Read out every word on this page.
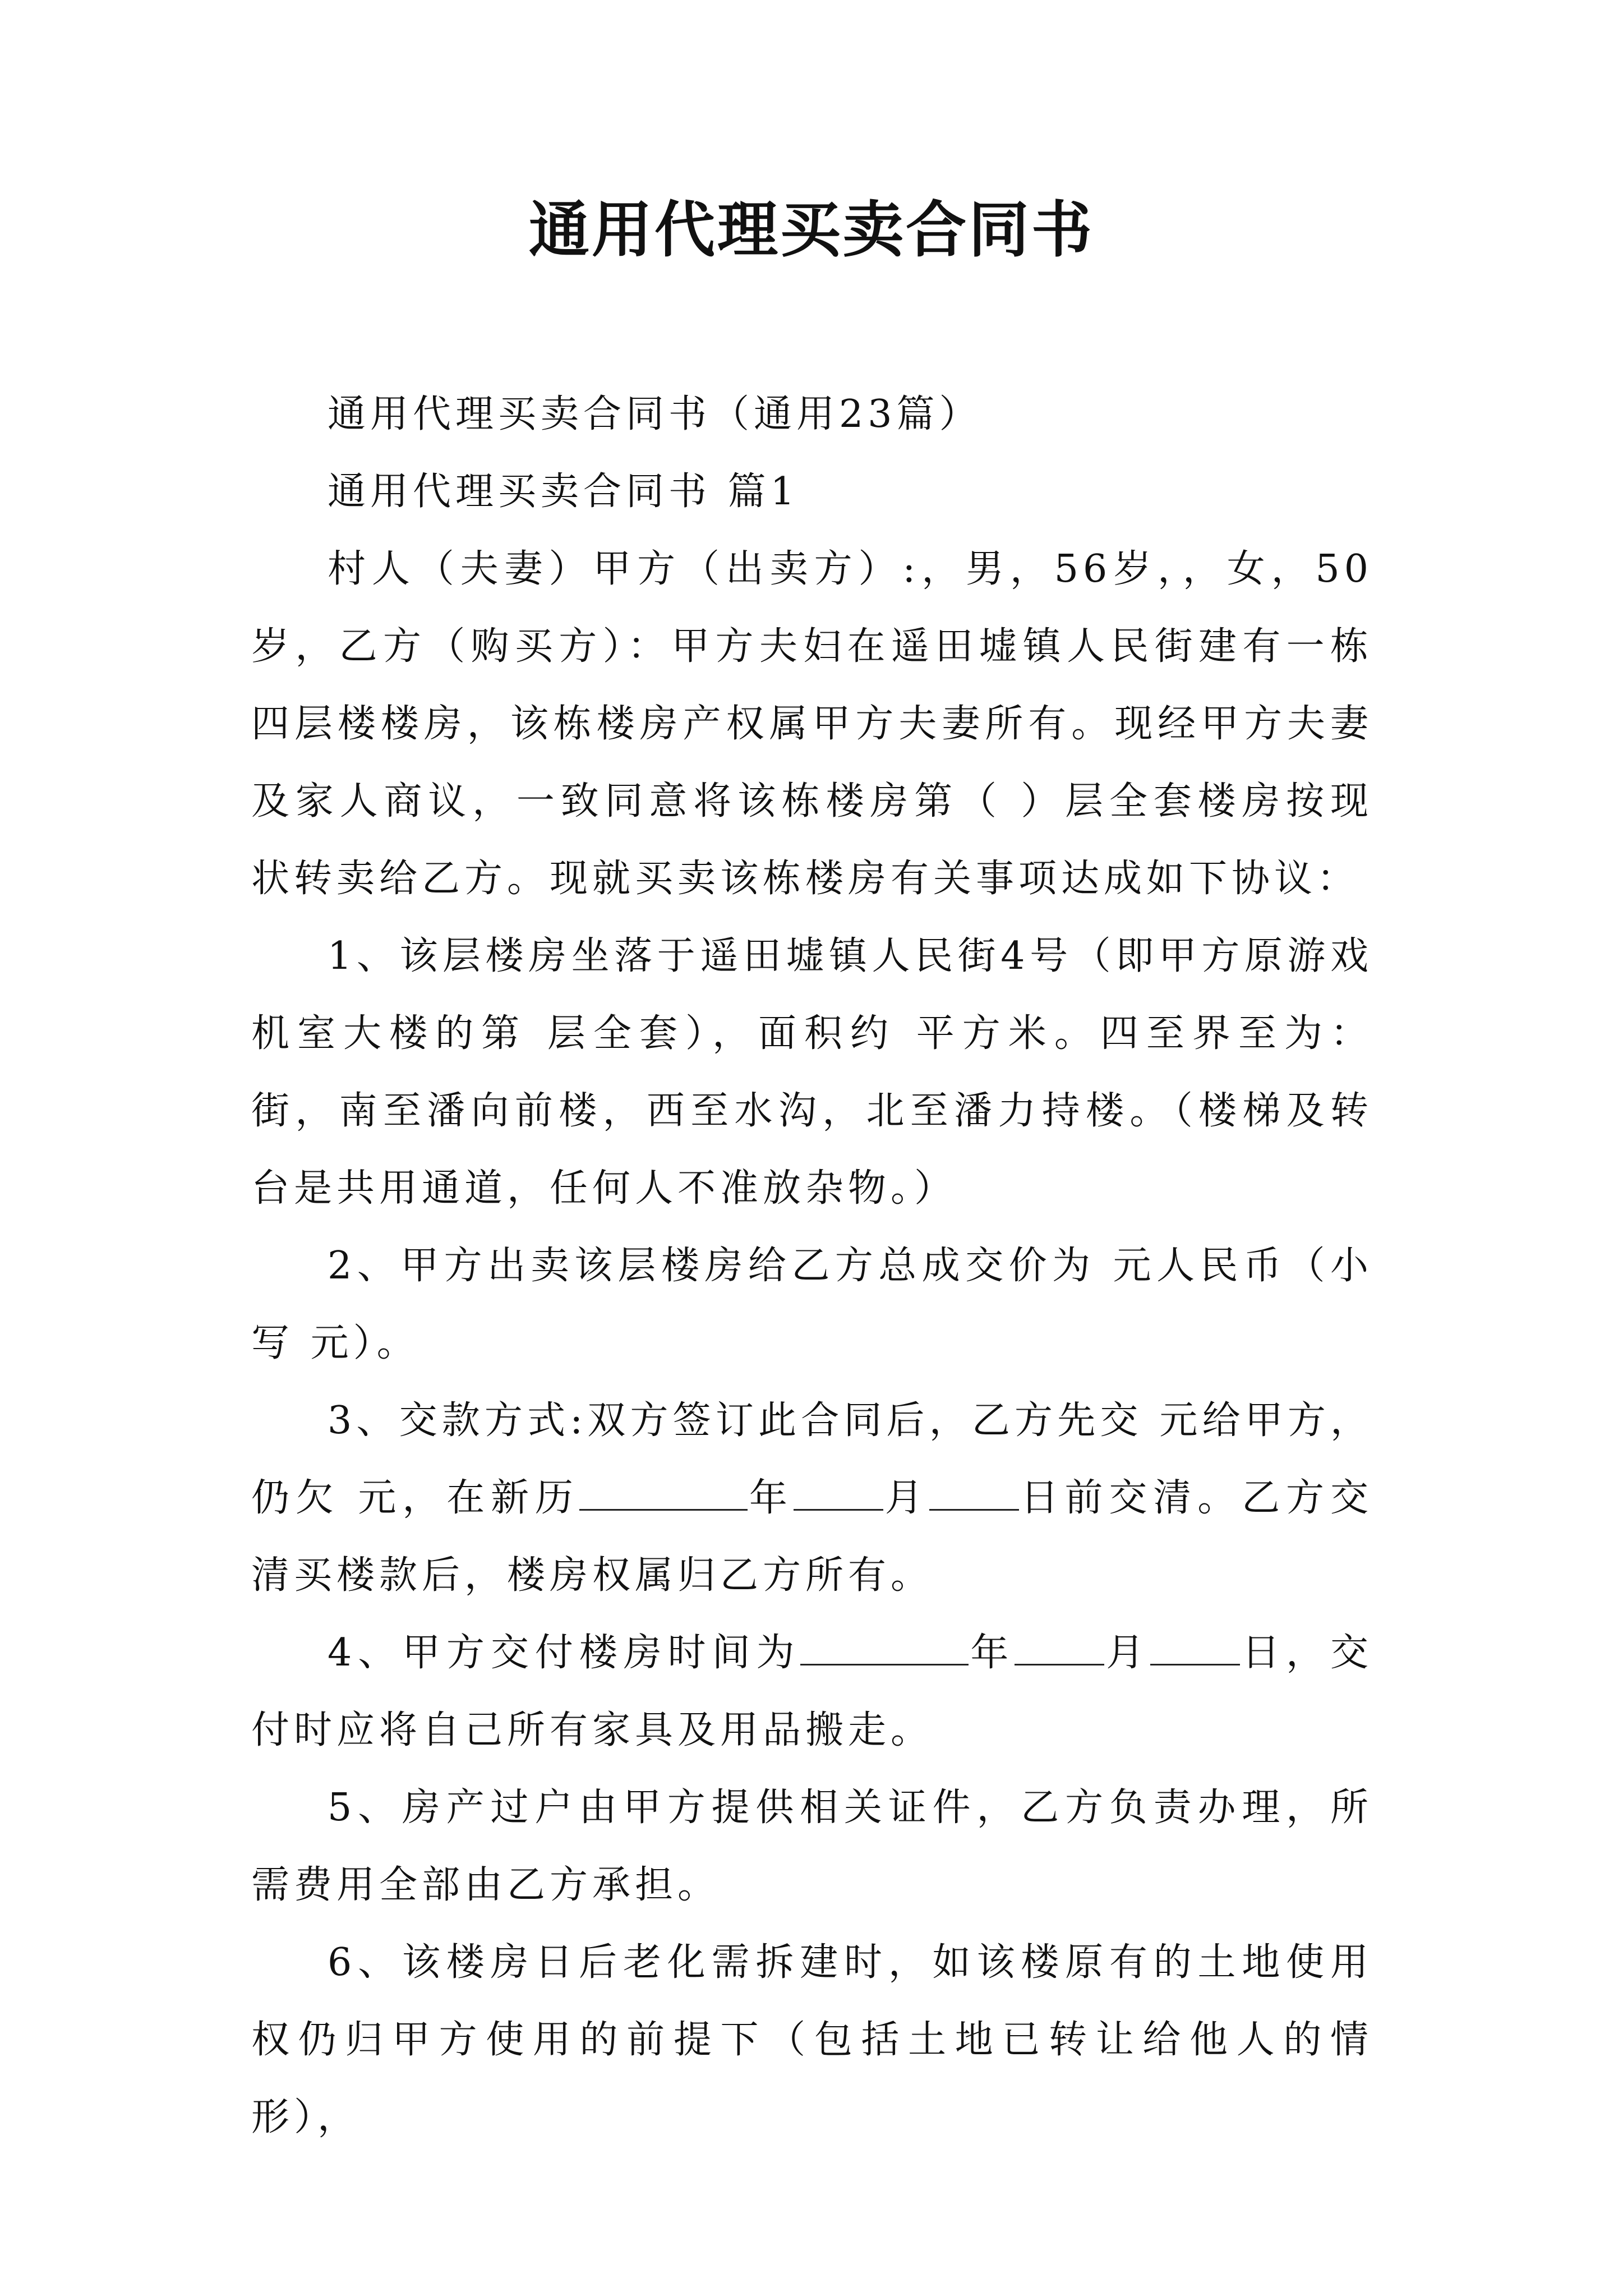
通用代理买卖合同书

通用代理买卖合同书（通用23篇）

通用代理买卖合同书 篇1

村人（夫妻）甲方（出卖方）:，男，56岁，，女，50岁，乙方（购买方）：甲方夫妇在遥田墟镇人民街建有一栋四层楼楼房，该栋楼房产权属甲方夫妻所有。现经甲方夫妻及家人商议，一致同意将该栋楼房第（ ）层全套楼房按现状转卖给乙方。现就买卖该栋楼房有关事项达成如下协议：

1、该层楼房坐落于遥田墟镇人民街4号（即甲方原游戏机室大楼的第 层全套），面积约 平方米。四至界至为：街，南至潘向前楼，西至水沟，北至潘力持楼。（楼梯及转台是共用通道，任何人不准放杂物。）

2、甲方出卖该层楼房给乙方总成交价为 元人民币（小写 元）。

3、交款方式:双方签订此合同后，乙方先交 元给甲方，仍欠 元，在新历	年 月 日前交清。乙方交清买楼款后，楼房权属归乙方所有。

4、甲方交付楼房时间为	年 月 日，交付时应将自己所有家具及用品搬走。

5、房产过户由甲方提供相关证件，乙方负责办理，所需费用全部由乙方承担。

6、该楼房日后老化需拆建时，如该楼原有的土地使用权仍归甲方使用的前提下（包括土地已转让给他人的情形），
